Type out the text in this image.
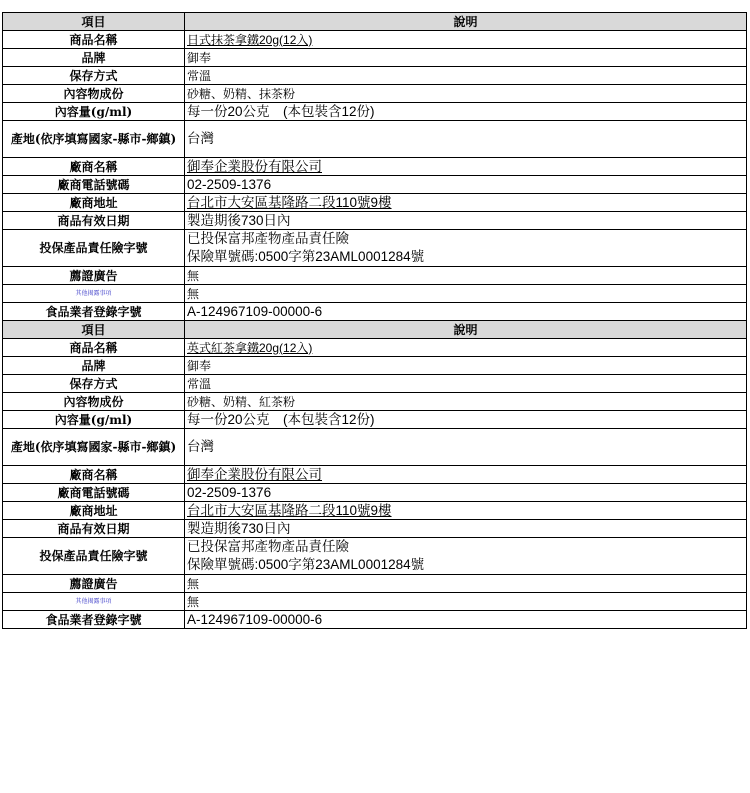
項目	說明
商品名稱	日式抹茶拿鐵20g(12入)
品牌	御奉
保存方式	常溫
內容物成份	砂糖、奶精、抹茶粉
內容量(g/ml)	每一份20公克　(本包裝含12份)
產地(依序填寫國家-縣市-鄉鎮)	台灣
廠商名稱	御奉企業股份有限公司
廠商電話號碼	02-2509-1376
廠商地址	台北市大安區基隆路二段110號9樓
商品有效日期	製造期後730日內
投保產品責任險字號	已投保富邦產物產品責任險
保險單號碼:0500字第23AML0001284號

薦證廣告	無
其他揭露事項	無
食品業者登錄字號	A-124967109-00000-6
項目	說明
商品名稱	英式紅茶拿鐵20g(12入)
品牌	御奉
保存方式	常溫
內容物成份	砂糖、奶精、紅茶粉
內容量(g/ml)	每一份20公克　(本包裝含12份)
產地(依序填寫國家-縣市-鄉鎮)	台灣
廠商名稱	御奉企業股份有限公司
廠商電話號碼	02-2509-1376
廠商地址	台北市大安區基隆路二段110號9樓
商品有效日期	製造期後730日內
投保產品責任險字號	已投保富邦產物產品責任險
保險單號碼:0500字第23AML0001284號

薦證廣告	無
其他揭露事項	無
食品業者登錄字號	A-124967109-00000-6
